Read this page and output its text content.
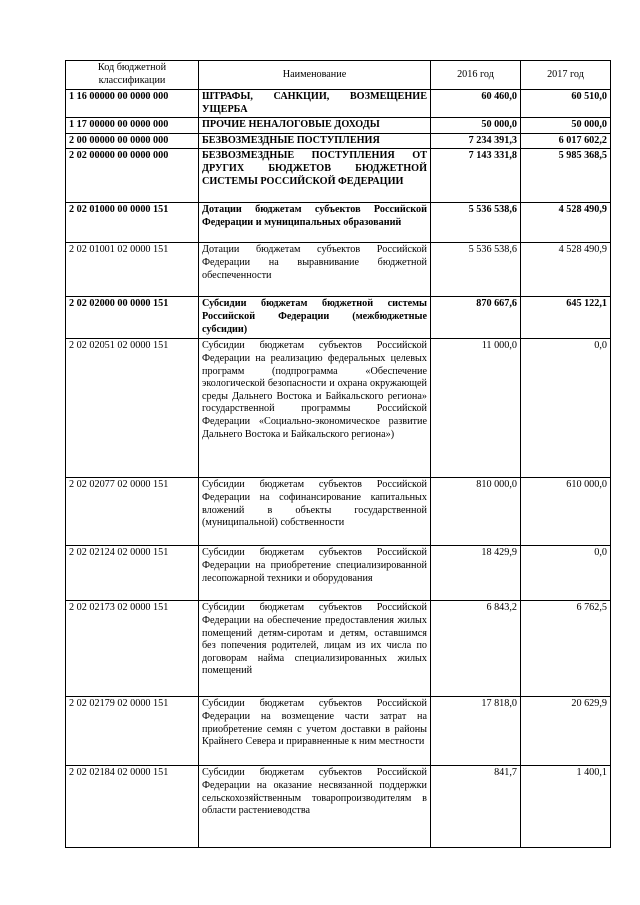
Код бюджетной классификации	Наименование	2016 год	2017 год
1 16 00000 00 0000 000	ШТРАФЫ, САНКЦИИ, ВОЗМЕЩЕНИЕ УЩЕРБА	60 460,0	60 510,0
1 17 00000 00 0000 000	ПРОЧИЕ НЕНАЛОГОВЫЕ ДОХОДЫ	50 000,0	50 000,0
2 00 00000 00 0000 000	БЕЗВОЗМЕЗДНЫЕ ПОСТУПЛЕНИЯ	7 234 391,3	6 017 602,2
2 02 00000 00 0000 000	БЕЗВОЗМЕЗДНЫЕ ПОСТУПЛЕНИЯ ОТ ДРУГИХ БЮДЖЕТОВ БЮДЖЕТНОЙ СИСТЕМЫ РОССИЙСКОЙ ФЕДЕРАЦИИ	7 143 331,8	5 985 368,5
2 02 01000 00 0000 151	Дотации бюджетам субъектов Российской Федерации и муниципальных образований	5 536 538,6	4 528 490,9
2 02 01001 02 0000 151	Дотации бюджетам субъектов Российской Федерации на выравнивание бюджетной обеспеченности	5 536 538,6	4 528 490,9
2 02 02000 00 0000 151	Субсидии бюджетам бюджетной системы Российской Федерации (межбюджетные субсидии)	870 667,6	645 122,1
2 02 02051 02 0000 151	Субсидии бюджетам субъектов Российской Федерации на реализацию федеральных целевых программ (подпрограмма «Обеспечение экологической безопасности и охрана окружающей среды Дальнего Востока и Байкальского региона» государственной программы Российской Федерации «Социально-экономическое развитие Дальнего Востока и Байкальского региона»)	11 000,0	0,0
2 02 02077 02 0000 151	Субсидии бюджетам субъектов Российской Федерации на софинансирование капитальных вложений в объекты государственной (муниципальной) собственности	810 000,0	610 000,0
2 02 02124 02 0000 151	Субсидии бюджетам субъектов Российской Федерации на приобретение специализированной лесопожарной техники и оборудования	18 429,9	0,0
2 02 02173 02 0000 151	Субсидии бюджетам субъектов Российской Федерации на обеспечение предоставления жилых помещений детям-сиротам и детям, оставшимся без попечения родителей, лицам из их числа по договорам найма специализированных жилых помещений	6 843,2	6 762,5
2 02 02179 02 0000 151	Субсидии бюджетам субъектов Российской Федерации на возмещение части затрат на приобретение семян с учетом доставки в районы Крайнего Севера и приравненные к ним местности	17 818,0	20 629,9
2 02 02184 02 0000 151	Субсидии бюджетам субъектов Российской Федерации на оказание несвязанной поддержки сельскохозяйственным товаропроизводителям в области растениеводства	841,7	1 400,1
